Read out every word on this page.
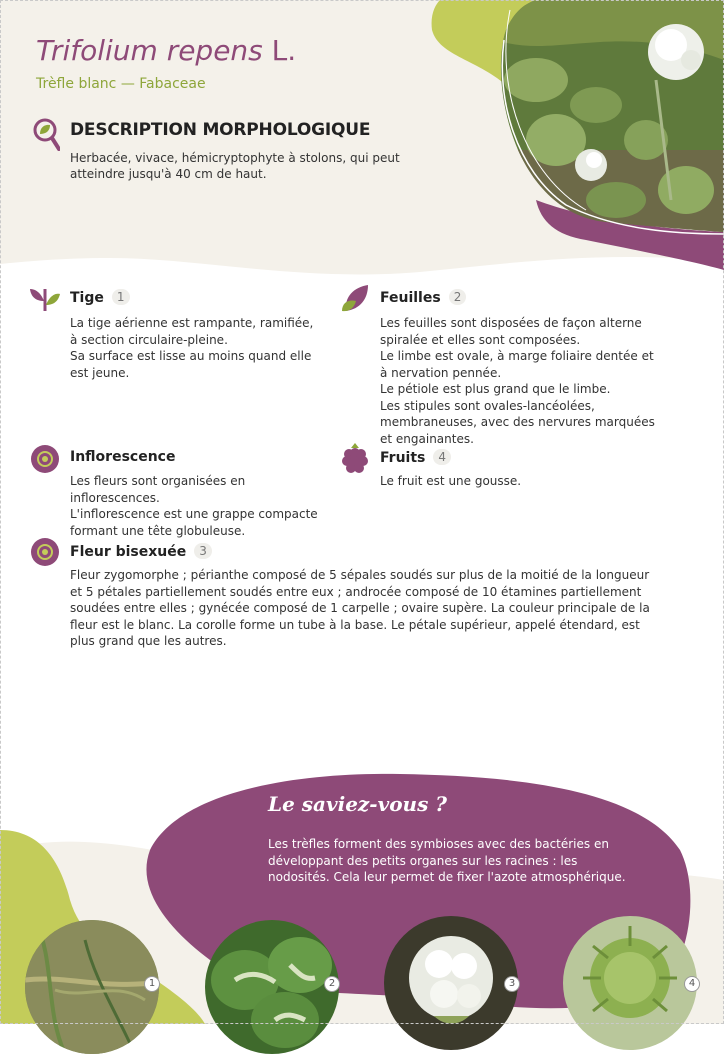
Trifolium repens L.
Trèfle blanc — Fabaceae
DESCRIPTION MORPHOLOGIQUE
Herbacée, vivace, hémicryptophyte à stolons, qui peut atteindre jusqu'à 40 cm de haut.
Tige 1
La tige aérienne est rampante, ramifiée, à section circulaire-pleine.
Sa surface est lisse au moins quand elle est jeune.
Feuilles 2
Les feuilles sont disposées de façon alterne spiralée et elles sont composées.
Le limbe est ovale, à marge foliaire dentée et à nervation pennée.
Le pétiole est plus grand que le limbe.
Les stipules sont ovales-lancéolées, membraneuses, avec des nervures marquées et engainantes.
Inflorescence
Les fleurs sont organisées en inflorescences.
L'inflorescence est une grappe compacte formant une tête globuleuse.
Fruits 4
Le fruit est une gousse.
Fleur bisexuée 3
Fleur zygomorphe ; périanthe composé de 5 sépales soudés sur plus de la moitié de la longueur et 5 pétales partiellement soudés entre eux ; androcée composé de 10 étamines partiellement soudées entre elles ; gynécée composé de 1 carpelle ; ovaire supère. La couleur principale de la fleur est le blanc. La corolle forme un tube à la base. Le pétale supérieur, appelé étendard, est plus grand que les autres.
Le saviez-vous ?
Les trèfles forment des symbioses avec des bactéries en développant des petits organes sur les racines : les nodosités. Cela leur permet de fixer l'azote atmosphérique.
1	2	3	4
